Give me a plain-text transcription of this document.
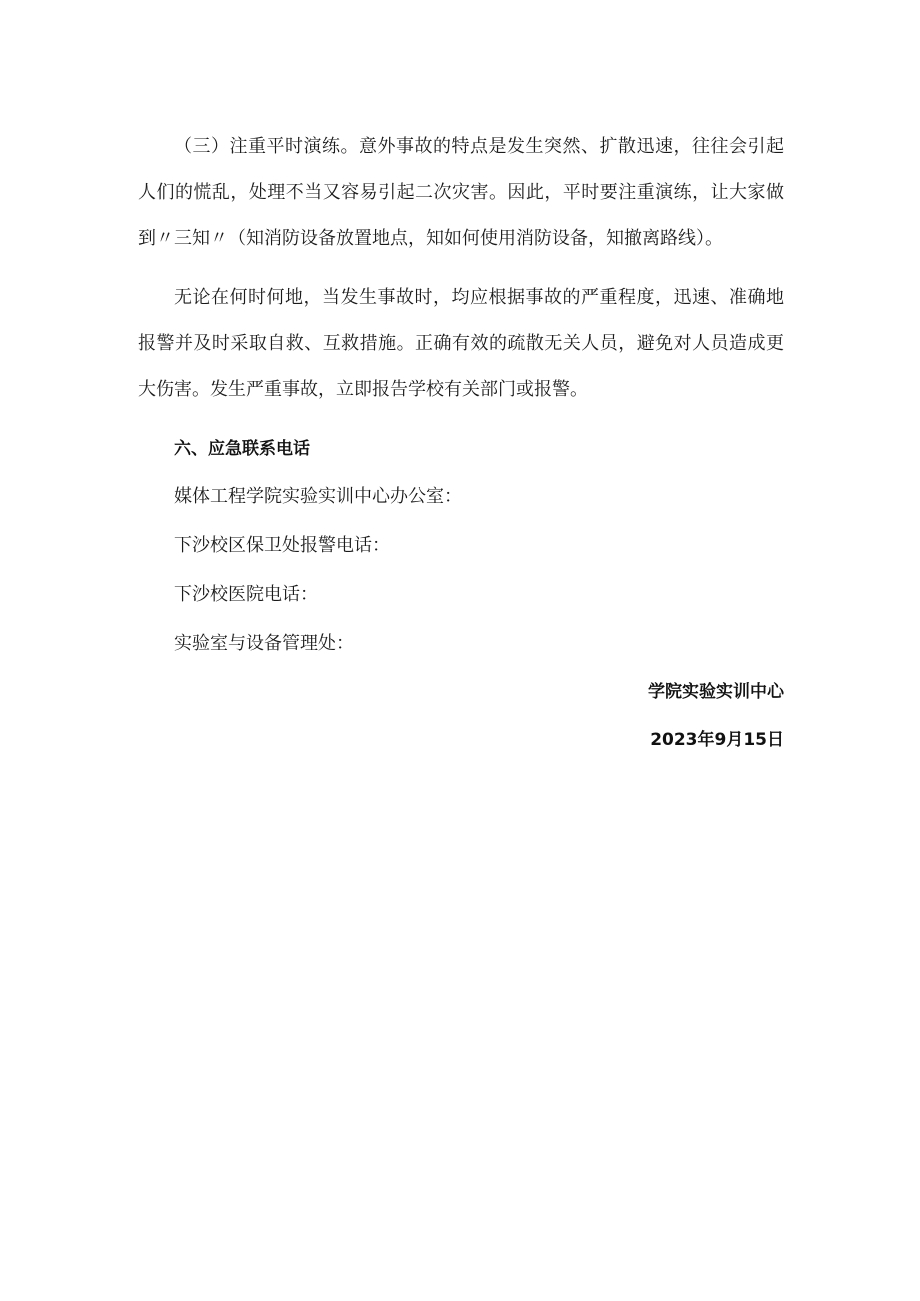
（三）注重平时演练。意外事故的特点是发生突然、扩散迅速，往往会引起人们的慌乱，处理不当又容易引起二次灾害。因此，平时要注重演练，让大家做到〃三知〃（知消防设备放置地点，知如何使用消防设备，知撤离路线）。

无论在何时何地，当发生事故时，均应根据事故的严重程度，迅速、准确地报警并及时采取自救、互救措施。正确有效的疏散无关人员，避免对人员造成更大伤害。发生严重事故，立即报告学校有关部门或报警。

六、应急联系电话
媒体工程学院实验实训中心办公室：
下沙校区保卫处报警电话：
下沙校医院电话：
实验室与设备管理处：
学院实验实训中心
2023年9月15日
